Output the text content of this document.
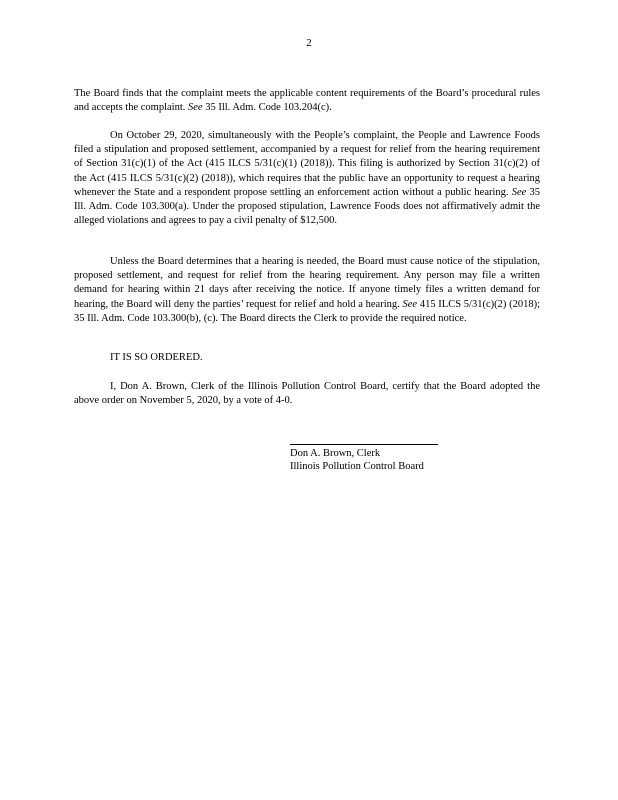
2

The Board finds that the complaint meets the applicable content requirements of the Board’s procedural rules and accepts the complaint. See 35 Ill. Adm. Code 103.204(c).

On October 29, 2020, simultaneously with the People’s complaint, the People and Lawrence Foods filed a stipulation and proposed settlement, accompanied by a request for relief from the hearing requirement of Section 31(c)(1) of the Act (415 ILCS 5/31(c)(1) (2018)). This filing is authorized by Section 31(c)(2) of the Act (415 ILCS 5/31(c)(2) (2018)), which requires that the public have an opportunity to request a hearing whenever the State and a respondent propose settling an enforcement action without a public hearing. See 35 Ill. Adm. Code 103.300(a). Under the proposed stipulation, Lawrence Foods does not affirmatively admit the alleged violations and agrees to pay a civil penalty of $12,500.

Unless the Board determines that a hearing is needed, the Board must cause notice of the stipulation, proposed settlement, and request for relief from the hearing requirement. Any person may file a written demand for hearing within 21 days after receiving the notice. If anyone timely files a written demand for hearing, the Board will deny the parties’ request for relief and hold a hearing. See 415 ILCS 5/31(c)(2) (2018); 35 Ill. Adm. Code 103.300(b), (c). The Board directs the Clerk to provide the required notice.

IT IS SO ORDERED.

I, Don A. Brown, Clerk of the Illinois Pollution Control Board, certify that the Board adopted the above order on November 5, 2020, by a vote of 4-0.

Don A. Brown, Clerk
Illinois Pollution Control Board
